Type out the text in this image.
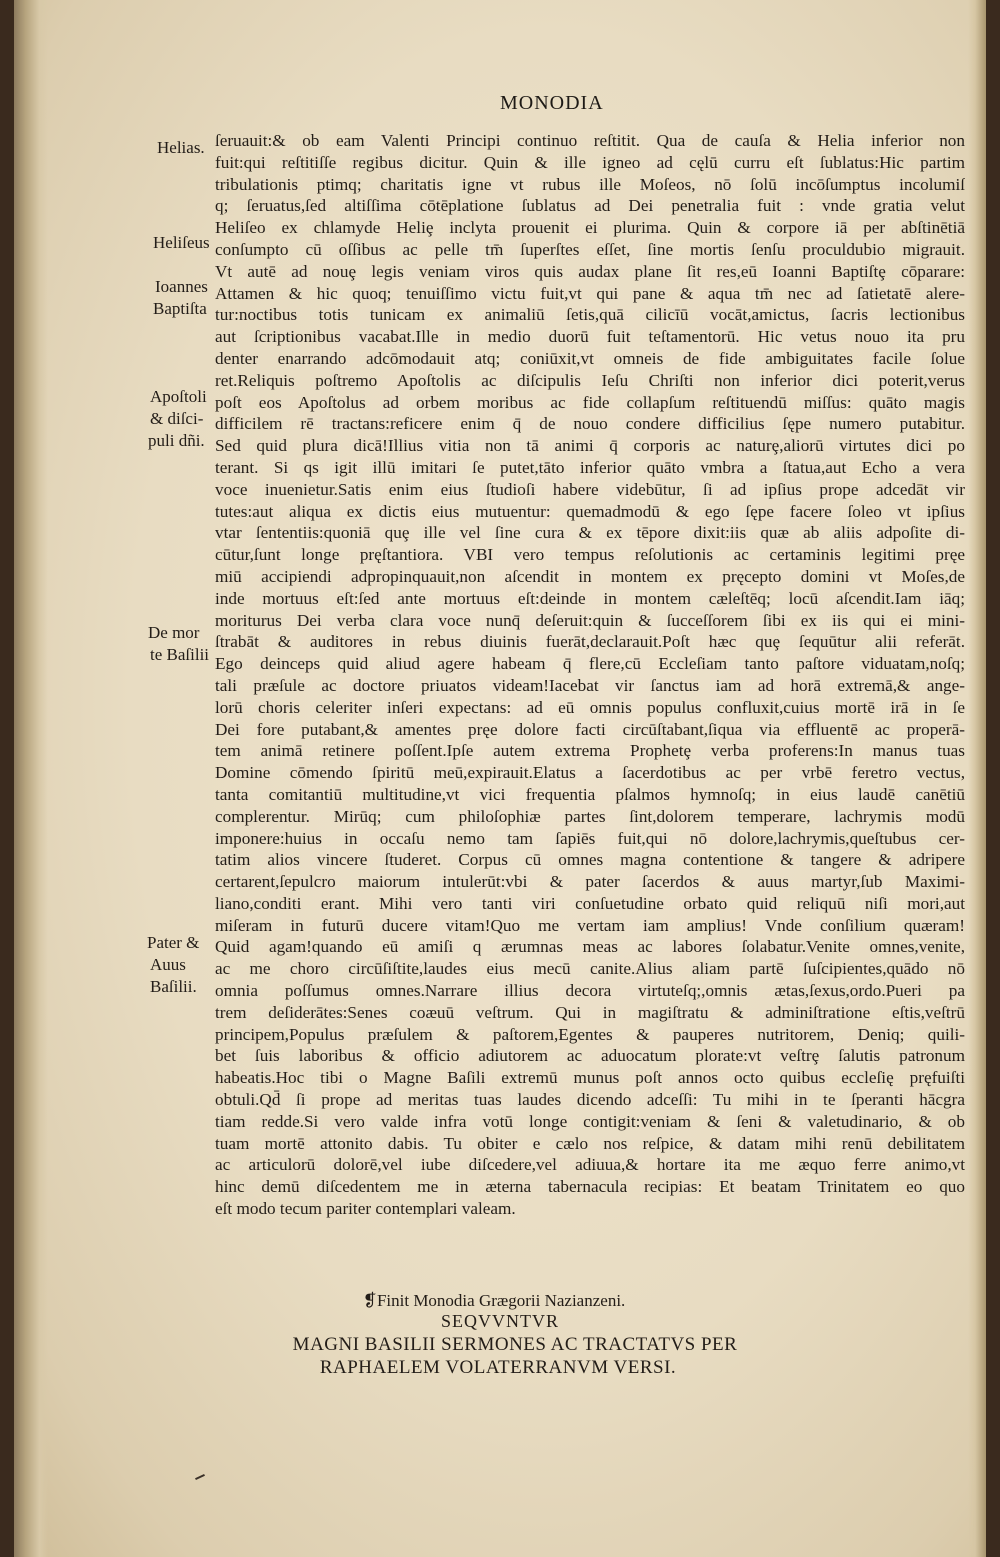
MONODIA
Helias.
Heliſeus
Ioannes
Baptiſta
Apoſtoli
& diſci-
puli dñi.
De mor
te Baſilii
Pater &
Auus
Baſilii.
ſeruauit:& ob eam Valenti Principi continuo reſtitit. Qua de cauſa & Helia inferior non
fuit:qui reſtitiſſe regibus dicitur. Quin & ille igneo ad cęlū curru eſt ſublatus:Hic partim
tribulationis ptimq; charitatis igne vt rubus ille Moſeos, nō ſolū incōſumptus incolumiſ
q; ſeruatus,ſed altiſſima cōtēplatione ſublatus ad Dei penetralia fuit : vnde gratia velut
Heliſeo ex chlamyde Heliȩ inclyta prouenit ei plurima. Quin & corpore iā per abſtinētiā
conſumpto cū oſſibus ac pelle tm̄ ſuperſtes eſſet, ſine mortis ſenſu proculdubio migrauit.
Vt autē ad nouȩ legis veniam viros quis audax plane ſit res,eū Ioanni Baptiſtȩ cōparare:
Attamen & hic quoq; tenuiſſimo victu fuit,vt qui pane & aqua tm̄ nec ad ſatietatē alere-
tur:noctibus totis tunicam ex animaliū ſetis,quā cilicīū vocāt,amictus, ſacris lectionibus
aut ſcriptionibus vacabat.Ille in medio duorū fuit teſtamentorū. Hic vetus nouo ita pru
denter enarrando adcōmodauit atq; coniūxit,vt omneis de fide ambiguitates facile ſolue
ret.Reliquis poſtremo Apoſtolis ac diſcipulis Ieſu Chriſti non inferior dici poterit,verus
poſt eos Apoſtolus ad orbem moribus ac fide collapſum reſtituendū miſſus: quāto magis
difficilem rē tractans:reficere enim q̄ de nouo condere difficilius ſępe numero putabitur.
Sed quid plura dicā!Illius vitia non tā animi q̄ corporis ac naturȩ,aliorū virtutes dici po
terant. Si qs igit illū imitari ſe putet,tāto inferior quāto vmbra a ſtatua,aut Echo a vera
voce inuenietur.Satis enim eius ſtudioſi habere videbūtur, ſi ad ipſius prope adcedāt vir
tutes:aut aliqua ex dictis eius mutuentur: quemadmodū & ego ſępe facere ſoleo vt ipſius
vtar ſententiis:quoniā quȩ ille vel ſine cura & ex tēpore dixit:iis quæ ab aliis adpoſite di-
cūtur,ſunt longe pręſtantiora. VBI vero tempus reſolutionis ac certaminis legitimi pręe
miū accipiendi adpropinquauit,non aſcendit in montem ex pręcepto domini vt Moſes,de
inde mortuus eſt:ſed ante mortuus eſt:deinde in montem cæleſtēq; locū aſcendit.Iam iāq;
moriturus Dei verba clara voce nunq̄ deſeruit:quin & ſucceſſorem ſibi ex iis qui ei mini-
ſtrabāt & auditores in rebus diuinis fuerāt,declarauit.Poſt hæc quȩ ſequūtur alii referāt.
Ego deinceps quid aliud agere habeam q̄ flere,cū Eccleſiam tanto paſtore viduatam,noſq;
tali præſule ac doctore priuatos videam!Iacebat vir ſanctus iam ad horā extremā,& ange-
lorū choris celeriter inſeri expectans: ad eū omnis populus confluxit,cuius mortē irā in ſe
Dei fore putabant,& amentes pręe dolore facti circūſtabant,ſiqua via effluentē ac properā-
tem animā retinere poſſent.Ipſe autem extrema Prophetȩ verba proferens:In manus tuas
Domine cōmendo ſpiritū meū,expirauit.Elatus a ſacerdotibus ac per vrbē feretro vectus,
tanta comitantiū multitudine,vt vici frequentia pſalmos hymnoſq; in eius laudē canētiū
complerentur. Mirūq; cum philoſophiæ partes ſint,dolorem temperare, lachrymis modū
imponere:huius in occaſu nemo tam ſapiēs fuit,qui nō dolore,lachrymis,queſtubus cer-
tatim alios vincere ſtuderet. Corpus cū omnes magna contentione & tangere & adripere
certarent,ſepulcro maiorum intulerūt:vbi & pater ſacerdos & auus martyr,ſub Maximi-
liano,conditi erant. Mihi vero tanti viri conſuetudine orbato quid reliquū niſi mori,aut
miſeram in futurū ducere vitam!Quo me vertam iam amplius! Vnde conſilium quæram!
Quid agam!quando eū amiſi q ærumnas meas ac labores ſolabatur.Venite omnes,venite,
ac me choro circūſiſtite,laudes eius mecū canite.Alius aliam partē ſuſcipientes,quādo nō
omnia poſſumus omnes.Narrare illius decora virtuteſq;,omnis ætas,ſexus,ordo.Pueri pa
trem deſiderātes:Senes coæuū veſtrum. Qui in magiſtratu & adminiſtratione eſtis,veſtrū
principem,Populus præſulem & paſtorem,Egentes & pauperes nutritorem, Deniq; quili-
bet ſuis laboribus & officio adiutorem ac aduocatum plorate:vt veſtrȩ ſalutis patronum
habeatis.Hoc tibi o Magne Baſili extremū munus poſt annos octo quibus eccleſię pręfuiſti
obtuli.Qd̄ ſi prope ad meritas tuas laudes dicendo adceſſi: Tu mihi in te ſperanti hācgra
tiam redde.Si vero valde infra votū longe contigit:veniam & ſeni & valetudinario, & ob
tuam mortē attonito dabis. Tu obiter e cælo nos reſpice, & datam mihi renū debilitatem
ac articulorū dolorē,vel iube diſcedere,vel adiuua,& hortare ita me æquo ferre animo,vt
hinc demū diſcedentem me in æterna tabernacula recipias: Et beatam Trinitatem eo quo
eſt modo tecum pariter contemplari valeam.
❡Finit Monodia Grægorii Nazianzeni.
SEQVVNTVR
MAGNI BASILII SERMONES AC TRACTATVS PER
RAPHAELEM VOLATERRANVM VERSI.
